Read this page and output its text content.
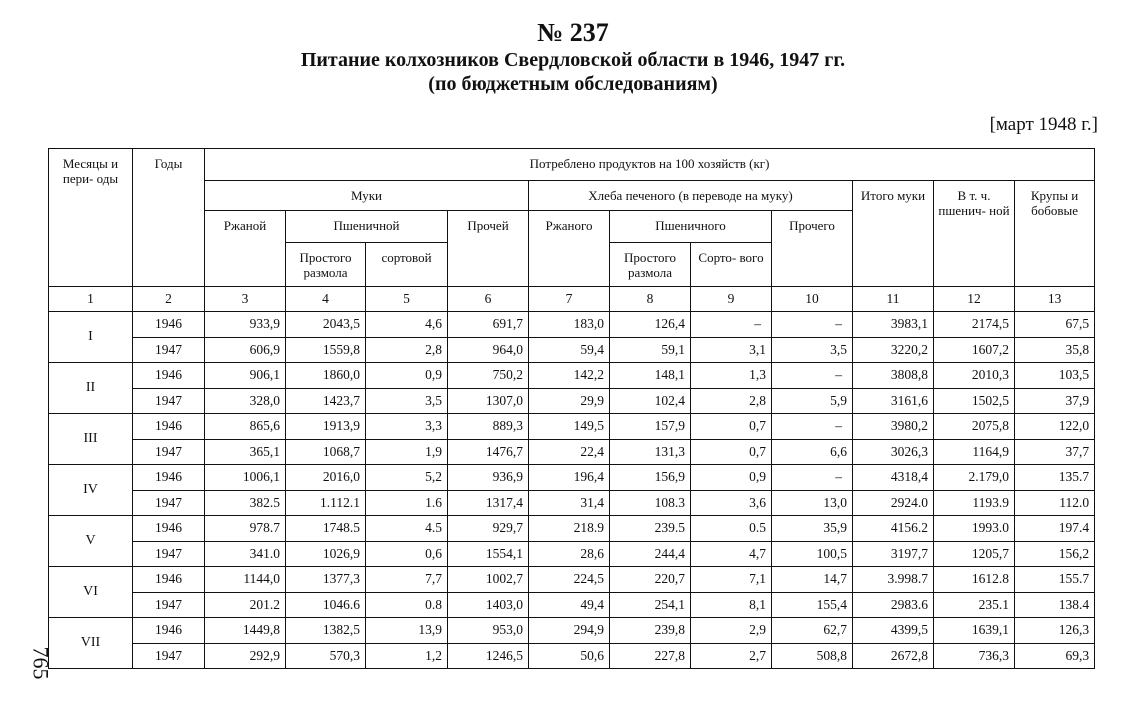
№ 237
Питание колхозников Свердловской области в 1946, 1947 гг.
(по бюджетным обследованиям)
[март 1948 г.]
765
Месяцы и пери- оды	Годы	Потреблено продуктов на 100 хозяйств (кг)										
		Муки				Хлеба печеного (в переводе на муку)				Итого муки	В т. ч. пшенич- ной	Крупы и бобовые
		Ржаной	Пшеничной		Прочей	Ржаного	Пшеничного		Прочего			
			Простого размола	сортовой			Простого размола	Сорто- вого				
1	2	3	4	5	6	7	8	9	10	11	12	13
I	1946	933,9	2043,5	4,6	691,7	183,0	126,4	–	–	3983,1	2174,5	67,5
	1947	606,9	1559,8	2,8	964,0	59,4	59,1	3,1	3,5	3220,2	1607,2	35,8
II	1946	906,1	1860,0	0,9	750,2	142,2	148,1	1,3	–	3808,8	2010,3	103,5
	1947	328,0	1423,7	3,5	1307,0	29,9	102,4	2,8	5,9	3161,6	1502,5	37,9
III	1946	865,6	1913,9	3,3	889,3	149,5	157,9	0,7	–	3980,2	2075,8	122,0
	1947	365,1	1068,7	1,9	1476,7	22,4	131,3	0,7	6,6	3026,3	1164,9	37,7
IV	1946	1006,1	2016,0	5,2	936,9	196,4	156,9	0,9	–	4318,4	2.179,0	135.7
	1947	382.5	1.112.1	1.6	1317,4	31,4	108.3	3,6	13,0	2924.0	1193.9	112.0
V	1946	978.7	1748.5	4.5	929,7	218.9	239.5	0.5	35,9	4156.2	1993.0	197.4
	1947	341.0	1026,9	0,6	1554,1	28,6	244,4	4,7	100,5	3197,7	1205,7	156,2
VI	1946	1144,0	1377,3	7,7	1002,7	224,5	220,7	7,1	14,7	3.998.7	1612.8	155.7
	1947	201.2	1046.6	0.8	1403,0	49,4	254,1	8,1	155,4	2983.6	235.1	138.4
VII	1946	1449,8	1382,5	13,9	953,0	294,9	239,8	2,9	62,7	4399,5	1639,1	126,3
	1947	292,9	570,3	1,2	1246,5	50,6	227,8	2,7	508,8	2672,8	736,3	69,3
